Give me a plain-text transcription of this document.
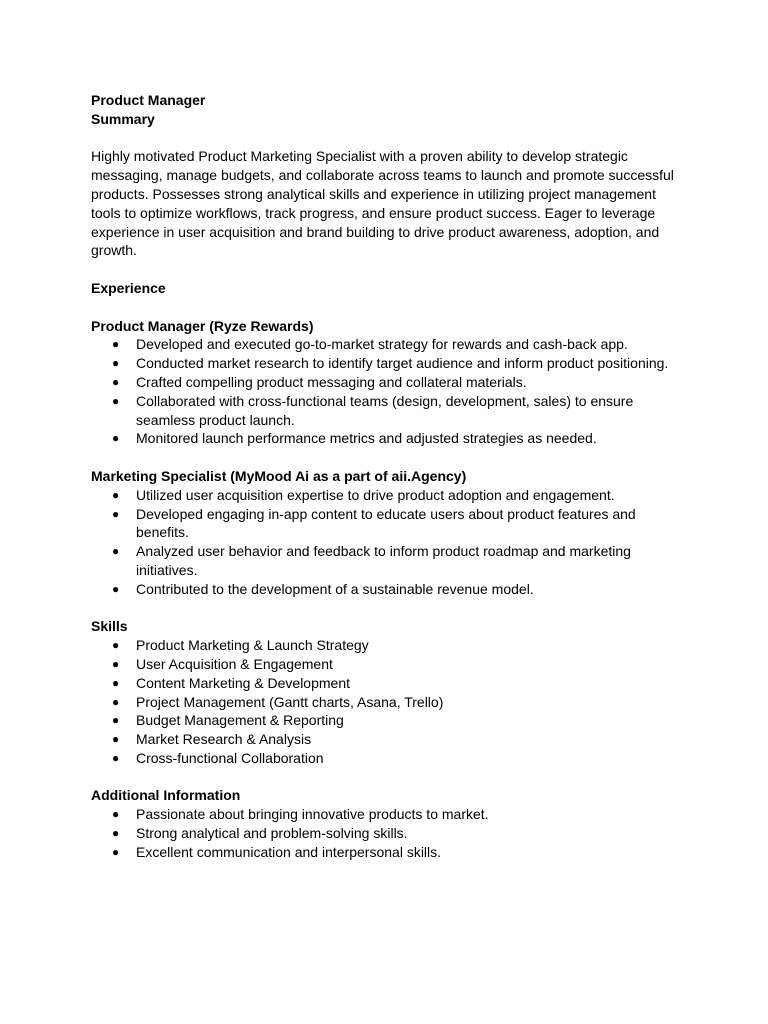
Product Manager

Summary

Highly motivated Product Marketing Specialist with a proven ability to develop strategic messaging, manage budgets, and collaborate across teams to launch and promote successful products. Possesses strong analytical skills and experience in utilizing project management tools to optimize workflows, track progress, and ensure product success. Eager to leverage experience in user acquisition and brand building to drive product awareness, adoption, and growth.

Experience

Product Manager (Ryze Rewards)

● Developed and executed go-to-market strategy for rewards and cash-back app.
● Conducted market research to identify target audience and inform product positioning.
● Crafted compelling product messaging and collateral materials.
● Collaborated with cross-functional teams (design, development, sales) to ensure seamless product launch.
● Monitored launch performance metrics and adjusted strategies as needed.

Marketing Specialist (MyMood Ai as a part of aii.Agency)

● Utilized user acquisition expertise to drive product adoption and engagement.
● Developed engaging in-app content to educate users about product features and benefits.
● Analyzed user behavior and feedback to inform product roadmap and marketing initiatives.
● Contributed to the development of a sustainable revenue model.

Skills

● Product Marketing & Launch Strategy
● User Acquisition & Engagement
● Content Marketing & Development
● Project Management (Gantt charts, Asana, Trello)
● Budget Management & Reporting
● Market Research & Analysis
● Cross-functional Collaboration

Additional Information

● Passionate about bringing innovative products to market.
● Strong analytical and problem-solving skills.
● Excellent communication and interpersonal skills.
